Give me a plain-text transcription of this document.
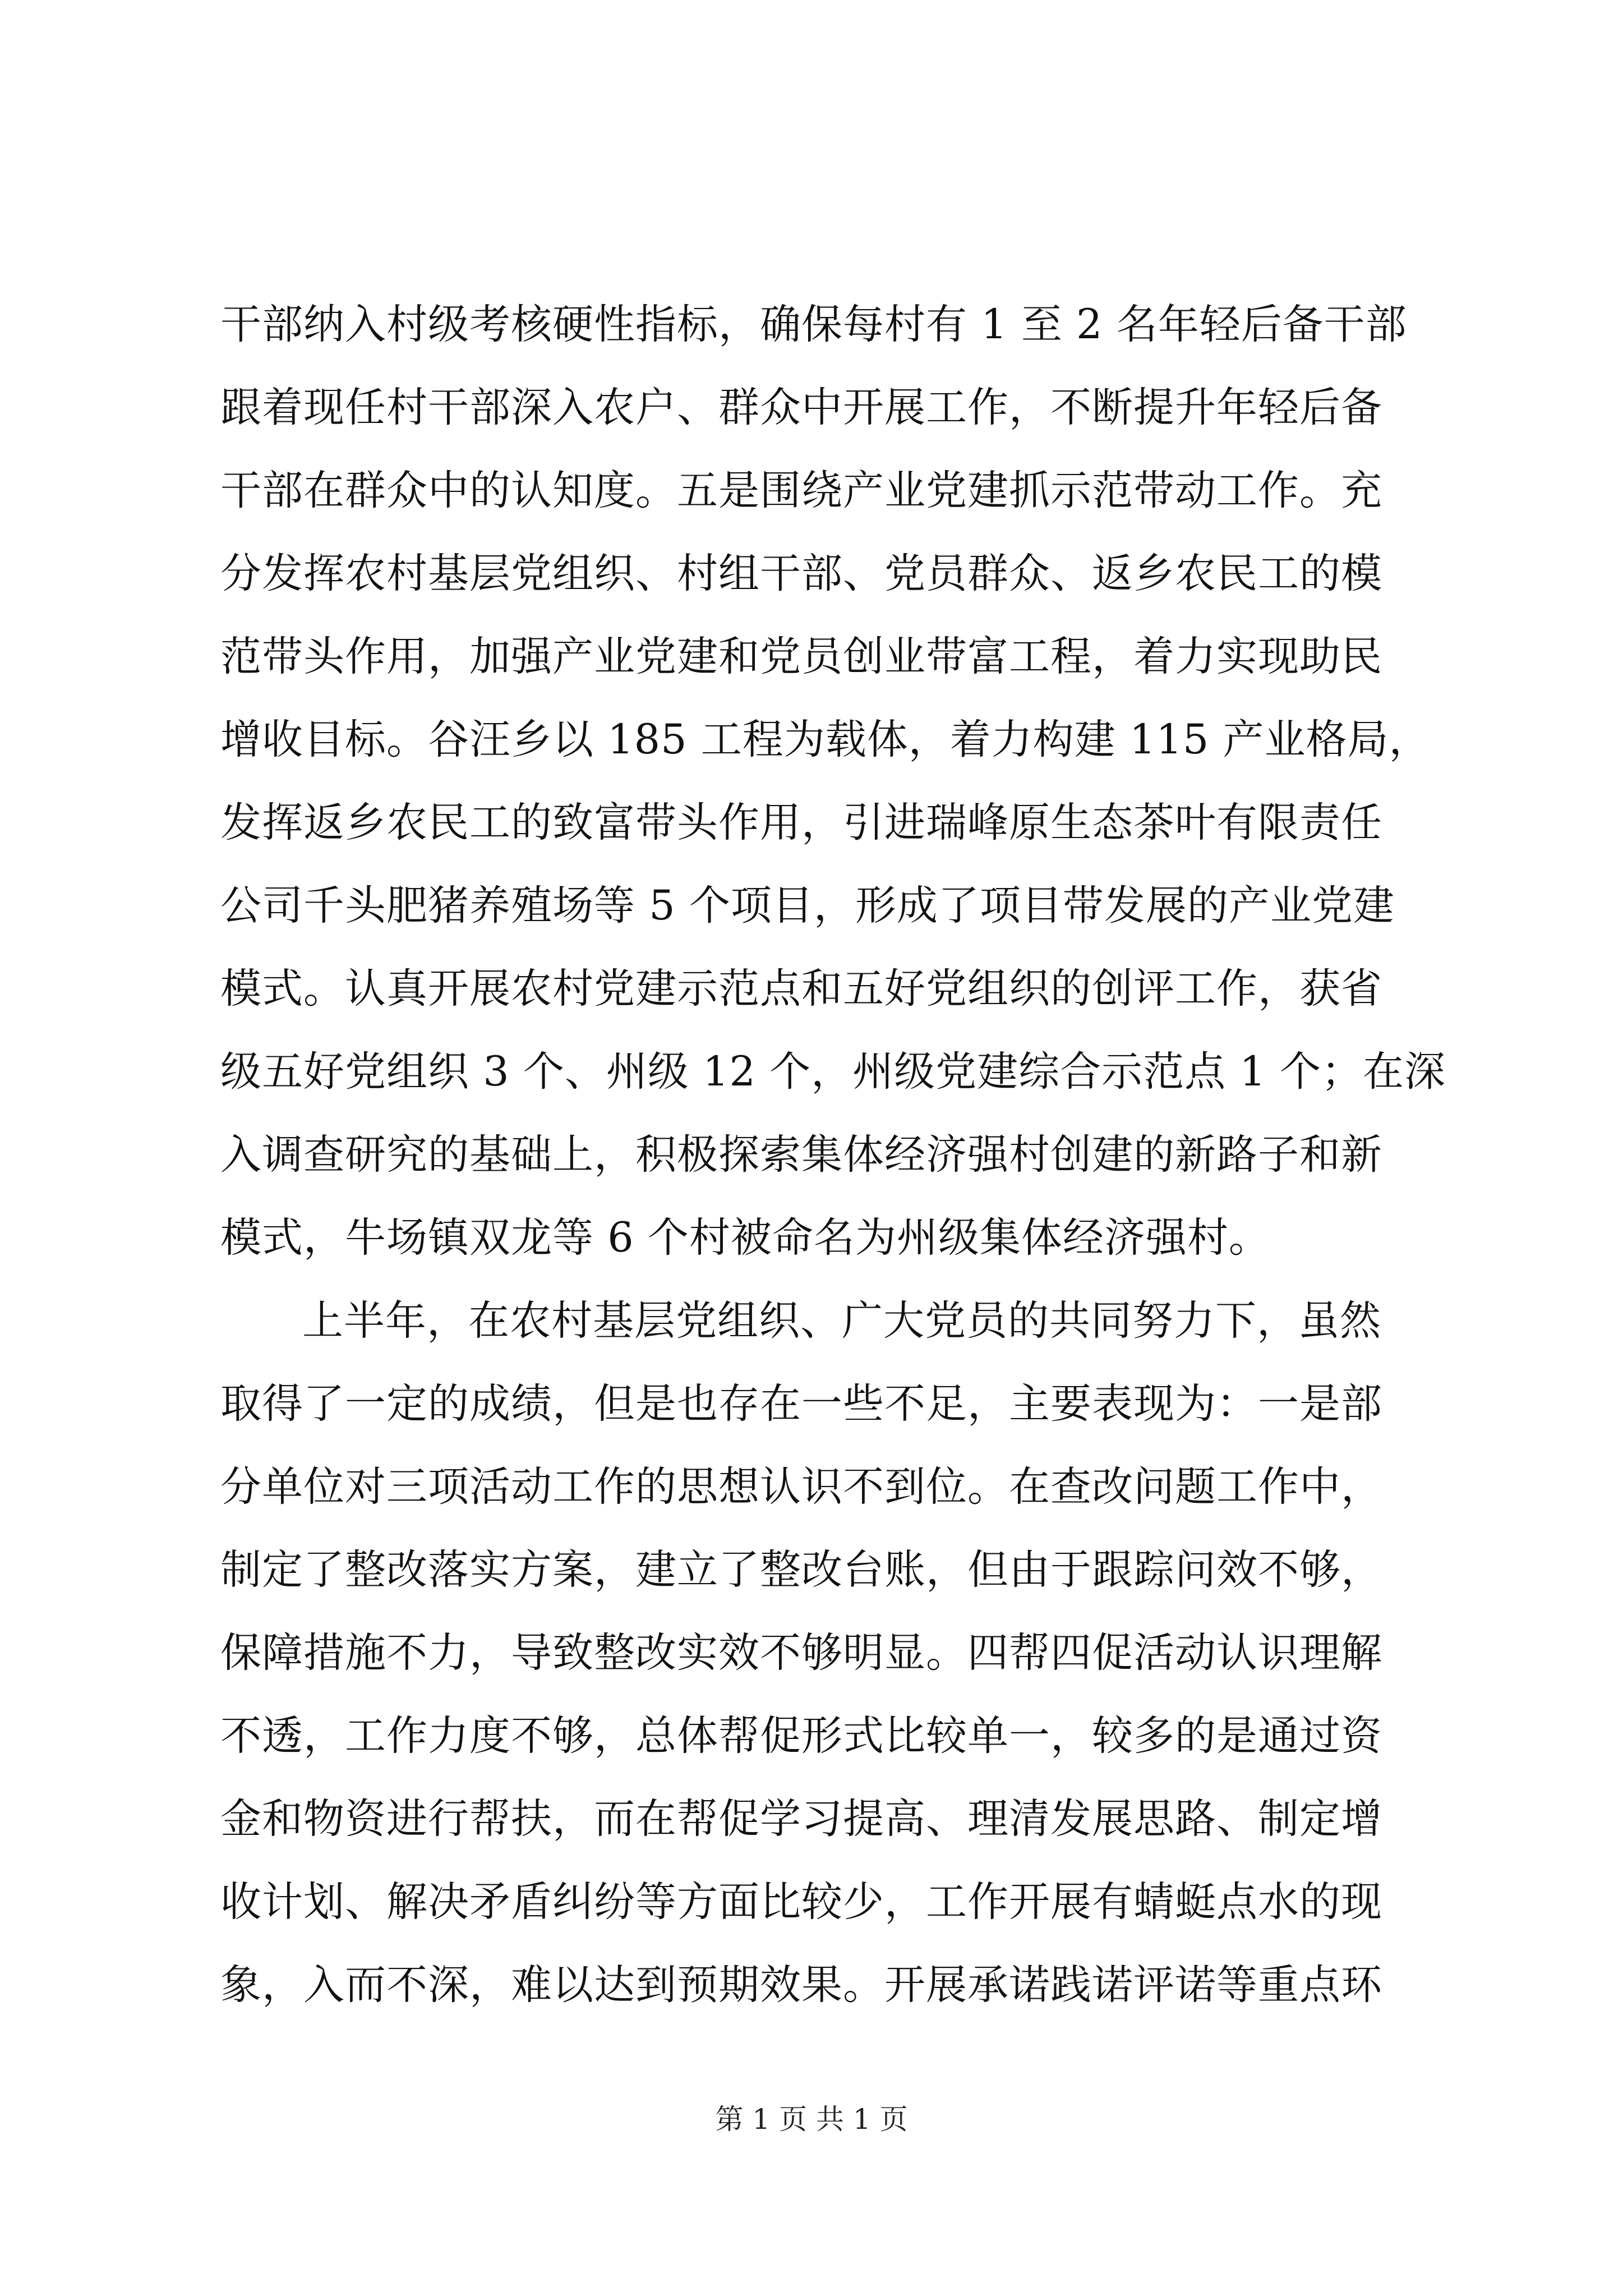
干部纳入村级考核硬性指标，确保每村有 1 至 2 名年轻后备干部
跟着现任村干部深入农户、群众中开展工作，不断提升年轻后备
干部在群众中的认知度。五是围绕产业党建抓示范带动工作。充
分发挥农村基层党组织、村组干部、党员群众、返乡农民工的模
范带头作用，加强产业党建和党员创业带富工程，着力实现助民
增收目标。谷汪乡以 185 工程为载体，着力构建 115 产业格局，
发挥返乡农民工的致富带头作用，引进瑞峰原生态茶叶有限责任
公司千头肥猪养殖场等 5 个项目，形成了项目带发展的产业党建
模式。认真开展农村党建示范点和五好党组织的创评工作，获省
级五好党组织 3 个、州级 12 个，州级党建综合示范点 1 个；在深
入调查研究的基础上，积极探索集体经济强村创建的新路子和新
模式，牛场镇双龙等 6 个村被命名为州级集体经济强村。
上半年，在农村基层党组织、广大党员的共同努力下，虽然
取得了一定的成绩，但是也存在一些不足，主要表现为：一是部
分单位对三项活动工作的思想认识不到位。在查改问题工作中，
制定了整改落实方案，建立了整改台账，但由于跟踪问效不够，
保障措施不力，导致整改实效不够明显。四帮四促活动认识理解
不透，工作力度不够，总体帮促形式比较单一，较多的是通过资
金和物资进行帮扶，而在帮促学习提高、理清发展思路、制定增
收计划、解决矛盾纠纷等方面比较少，工作开展有蜻蜓点水的现
象，入而不深，难以达到预期效果。开展承诺践诺评诺等重点环
第 1 页 共 1 页
